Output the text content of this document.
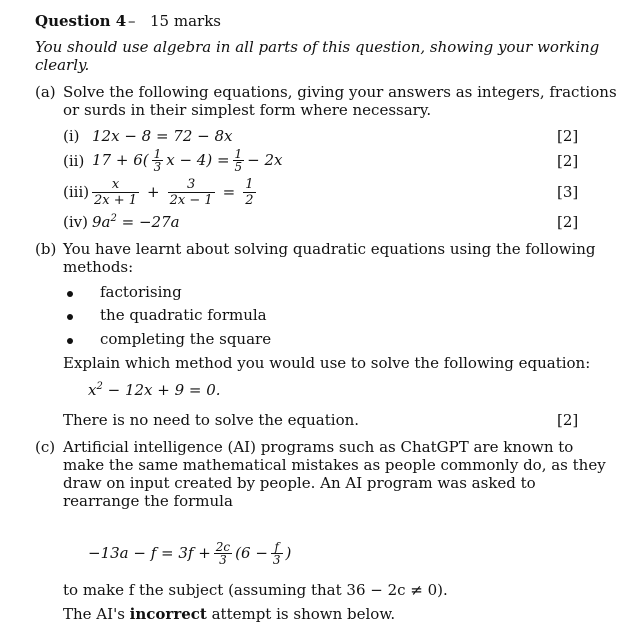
Question 4 – 15 marks
You should use algebra in all parts of this question, showing your working
clearly.
(a) Solve the following equations, giving your answers as integers, fractions
or surds in their simplest form where necessary.
(i) 12x − 8 = 72 − 8x	[2]
(ii) $17 + 6( \frac{1}{3}$ $x - 4) = \frac{1}{5} - 2x$	[2]
$(iii) \frac{x}{2x + 1} + \frac{3}{2x - 1} = \frac{1}{2}$	[3]
(iv) $9a^2 = -27a$	[2]
(b) You have learnt about solving quadratic equations using the following
methods:
factorising
the quadratic formula
completing the square
Explain which method you would use to solve the following equation:
$x^2 - 12x + 9 = 0$.
There is no need to solve the equation.	[2]
(c) Artificial intelligence (AI) programs such as ChatGPT are known to
make the same mathematical mistakes as people commonly do, as they
draw on input created by people. An AI program was asked to
rearrange the formula
$-13a - f = 3f + \frac{2c}{3} (6 - \frac{f}{3}$ )
to make f the subject (assuming that 36 − 2c ≠ 0).
The AI's incorrect attempt is shown below.
